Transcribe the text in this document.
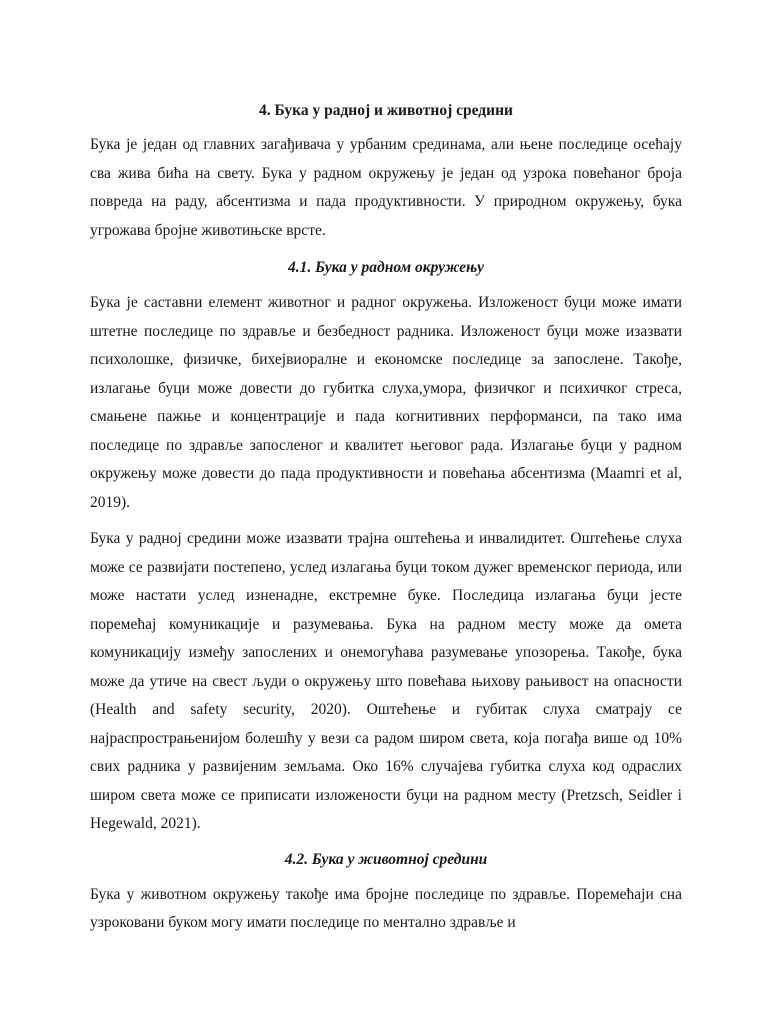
4. Бука у радној и животној средини

Бука је један од главних загађивача у урбаним срединама, али њене последице осећају сва жива бића на свету. Бука у радном окружењу је један од узрока повећаног броја повреда на раду, абсентизма и пада продуктивности. У природном окружењу, бука угрожава бројне животињске врсте.

4.1. Бука у радном окружењу

Бука је саставни елемент животног и радног окружења. Изложеност буци може имати штетне последице по здравље и безбедност радника. Изложеност буци може изазвати психолошке, физичке, бихејвиоралне и економске последице за запослене. Такође, излагање буци може довести до губитка слуха,умора, физичког и психичког стреса, смањене пажње и концентрације и пада когнитивних перформанси, па тако има последице по здравље запосленог и квалитет његовог рада. Излагање буци у радном окружењу може довести до пада продуктивности и повећања абсентизма (Maamri et al, 2019).

Бука у радној средини може изазвати трајна оштећења и инвалидитет. Оштећење слуха може се развијати постепено, услед излагања буци током дужег временског периода, или може настати услед изненадне, екстремне буке. Последица излагања буци јесте поремећај комуникације и разумевања. Бука на радном месту може да омета комуникацију између запослених и онемогућава разумевање упозорења. Такође, бука може да утиче на свест људи о окружењу што повећава њихову рањивост на опасности (Health and safety security, 2020). Оштећење и губитак слуха сматрају се најраспрострањенијом болешћу у вези са радом широм света, која погађа више од 10% свих радника у развијеним земљама. Око 16% случајева губитка слуха код одраслих широм света може се приписати изложености буци на радном месту (Pretzsch, Seidler i Hegewald, 2021).

4.2. Бука у животној средини

Бука у животном окружењу такође има бројне последице по здравље. Поремећаји сна узроковани буком могу имати последице по ментално здравље и
